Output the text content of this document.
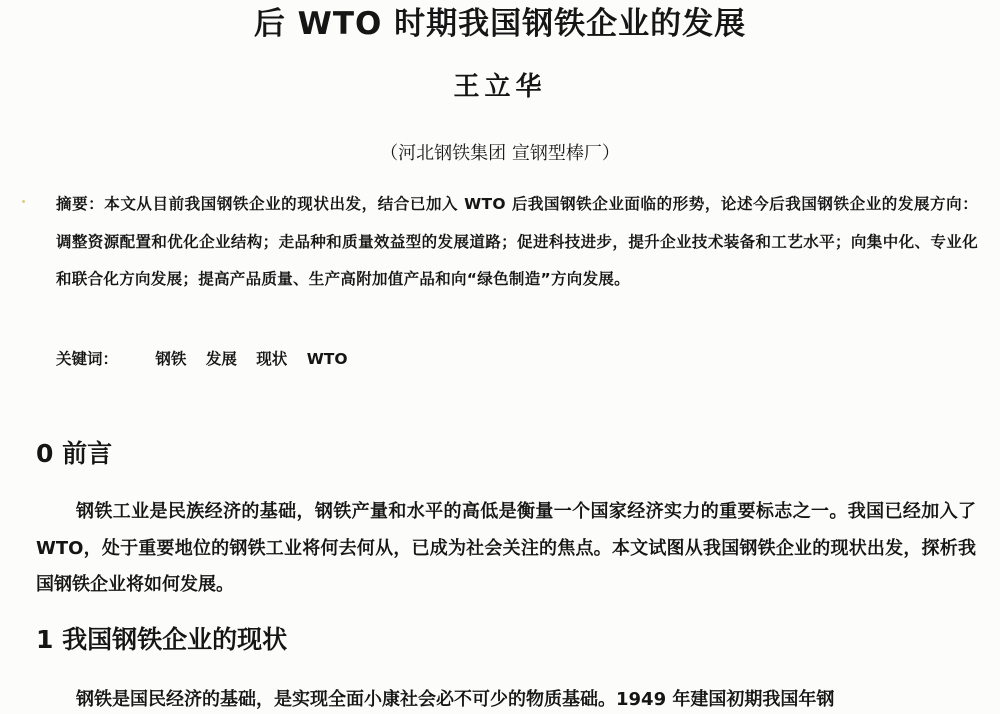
后 WTO 时期我国钢铁企业的发展
王立华
（河北钢铁集团 宣钢型棒厂）
摘要：本文从目前我国钢铁企业的现状出发，结合已加入 WTO 后我国钢铁企业面临的形势，论述今后我国钢铁企业的发展方向：调整资源配置和优化企业结构；走品种和质量效益型的发展道路；促进科技进步，提升企业技术装备和工艺水平；向集中化、专业化和联合化方向发展；提高产品质量、生产高附加值产品和向“绿色制造”方向发展。
关键词： 钢铁 发展 现状 WTO
0 前言
钢铁工业是民族经济的基础，钢铁产量和水平的高低是衡量一个国家经济实力的重要标志之一。我国已经加入了 WTO，处于重要地位的钢铁工业将何去何从，已成为社会关注的焦点。本文试图从我国钢铁企业的现状出发，探析我国钢铁企业将如何发展。
1 我国钢铁企业的现状
钢铁是国民经济的基础，是实现全面小康社会必不可少的物质基础。1949 年建国初期我国年钢
